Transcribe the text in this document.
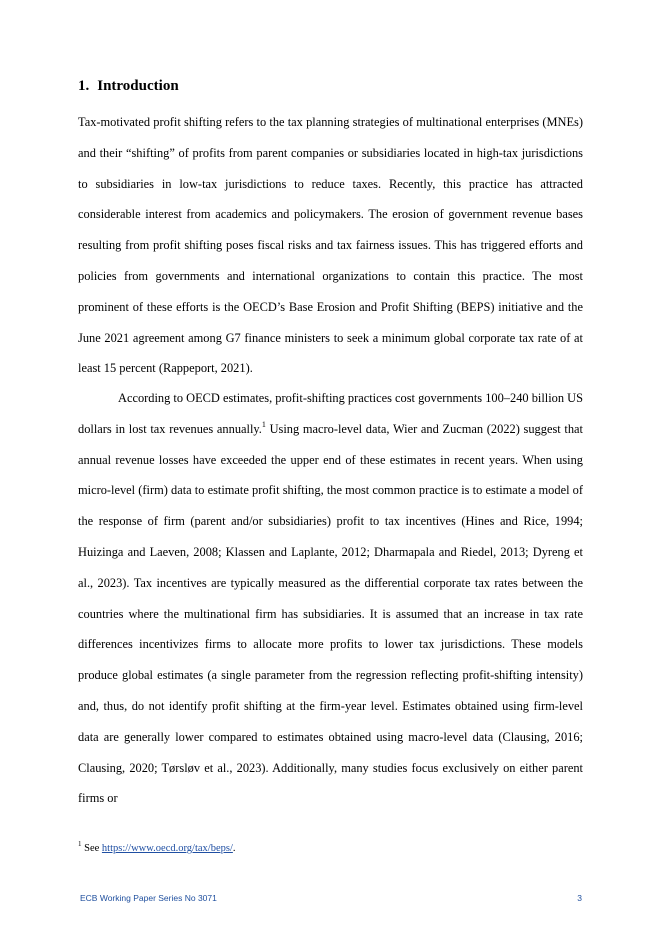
1. Introduction

Tax-motivated profit shifting refers to the tax planning strategies of multinational enterprises (MNEs) and their “shifting” of profits from parent companies or subsidiaries located in high-tax jurisdictions to subsidiaries in low-tax jurisdictions to reduce taxes. Recently, this practice has attracted considerable interest from academics and policymakers. The erosion of government revenue bases resulting from profit shifting poses fiscal risks and tax fairness issues. This has triggered efforts and policies from governments and international organizations to contain this practice. The most prominent of these efforts is the OECD’s Base Erosion and Profit Shifting (BEPS) initiative and the June 2021 agreement among G7 finance ministers to seek a minimum global corporate tax rate of at least 15 percent (Rappeport, 2021).

According to OECD estimates, profit-shifting practices cost governments 100–240 billion US dollars in lost tax revenues annually.$^1$ Using macro-level data, Wier and Zucman (2022) suggest that annual revenue losses have exceeded the upper end of these estimates in recent years. When using micro-level (firm) data to estimate profit shifting, the most common practice is to estimate a model of the response of firm (parent and/or subsidiaries) profit to tax incentives (Hines and Rice, 1994; Huizinga and Laeven, 2008; Klassen and Laplante, 2012; Dharmapala and Riedel, 2013; Dyreng et al., 2023). Tax incentives are typically measured as the differential corporate tax rates between the countries where the multinational firm has subsidiaries. It is assumed that an increase in tax rate differences incentivizes firms to allocate more profits to lower tax jurisdictions. These models produce global estimates (a single parameter from the regression reflecting profit-shifting intensity) and, thus, do not identify profit shifting at the firm-year level. Estimates obtained using firm-level data are generally lower compared to estimates obtained using macro-level data (Clausing, 2016; Clausing, 2020; Tørsløv et al., 2023). Additionally, many studies focus exclusively on either parent firms or

$^1$ See https://www.oecd.org/tax/beps/.

ECB Working Paper Series No 3071	3
